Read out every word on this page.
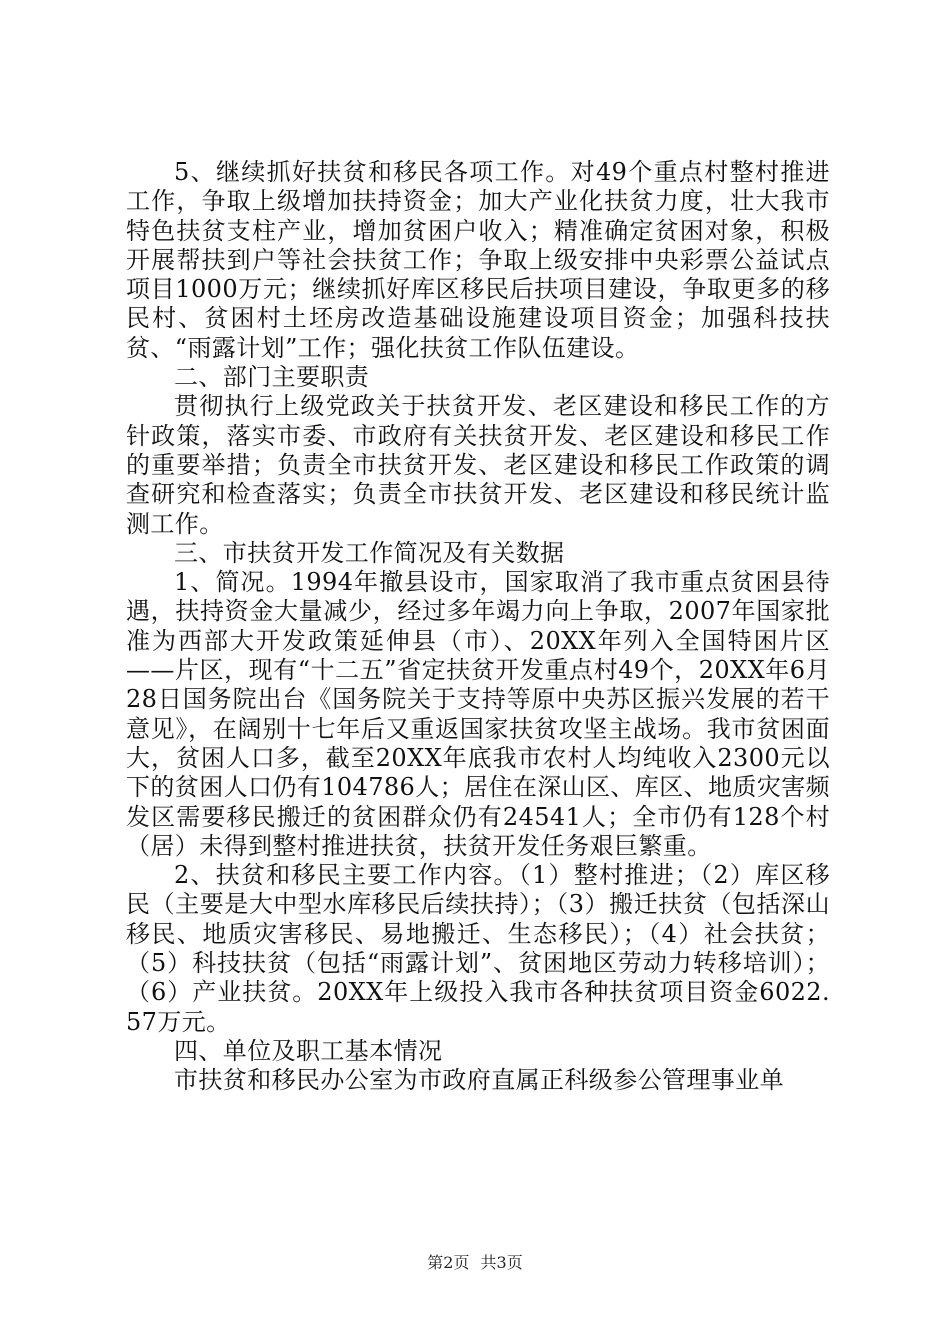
5、继续抓好扶贫和移民各项工作。对49个重点村整村推进工作，争取上级增加扶持资金；加大产业化扶贫力度，壮大我市特色扶贫支柱产业，增加贫困户收入；精准确定贫困对象，积极开展帮扶到户等社会扶贫工作；争取上级安排中央彩票公益试点项目1000万元；继续抓好库区移民后扶项目建设，争取更多的移民村、贫困村土坯房改造基础设施建设项目资金；加强科技扶贫、“雨露计划”工作；强化扶贫工作队伍建设。

二、部门主要职责

贯彻执行上级党政关于扶贫开发、老区建设和移民工作的方针政策，落实市委、市政府有关扶贫开发、老区建设和移民工作的重要举措；负责全市扶贫开发、老区建设和移民工作政策的调查研究和检查落实；负责全市扶贫开发、老区建设和移民统计监测工作。

三、市扶贫开发工作简况及有关数据

1、简况。1994年撤县设市，国家取消了我市重点贫困县待遇，扶持资金大量减少，经过多年竭力向上争取，2007年国家批准为西部大开发政策延伸县（市）、20XX年列入全国特困片区——片区，现有“十二五”省定扶贫开发重点村49个，20XX年6月28日国务院出台《国务院关于支持等原中央苏区振兴发展的若干意见》，在阔别十七年后又重返国家扶贫攻坚主战场。我市贫困面大，贫困人口多，截至20XX年底我市农村人均纯收入2300元以下的贫困人口仍有104786人；居住在深山区、库区、地质灾害频发区需要移民搬迁的贫困群众仍有24541人；全市仍有128个村（居）未得到整村推进扶贫，扶贫开发任务艰巨繁重。

2、扶贫和移民主要工作内容。（1）整村推进；（2）库区移民（主要是大中型水库移民后续扶持）；（3）搬迁扶贫（包括深山移民、地质灾害移民、易地搬迁、生态移民）；（4）社会扶贫；（5）科技扶贫（包括“雨露计划”、贫困地区劳动力转移培训）；（6）产业扶贫。20XX年上级投入我市各种扶贫项目资金6022.57万元。

四、单位及职工基本情况

市扶贫和移民办公室为市政府直属正科级参公管理事业单

第2页 共3页
